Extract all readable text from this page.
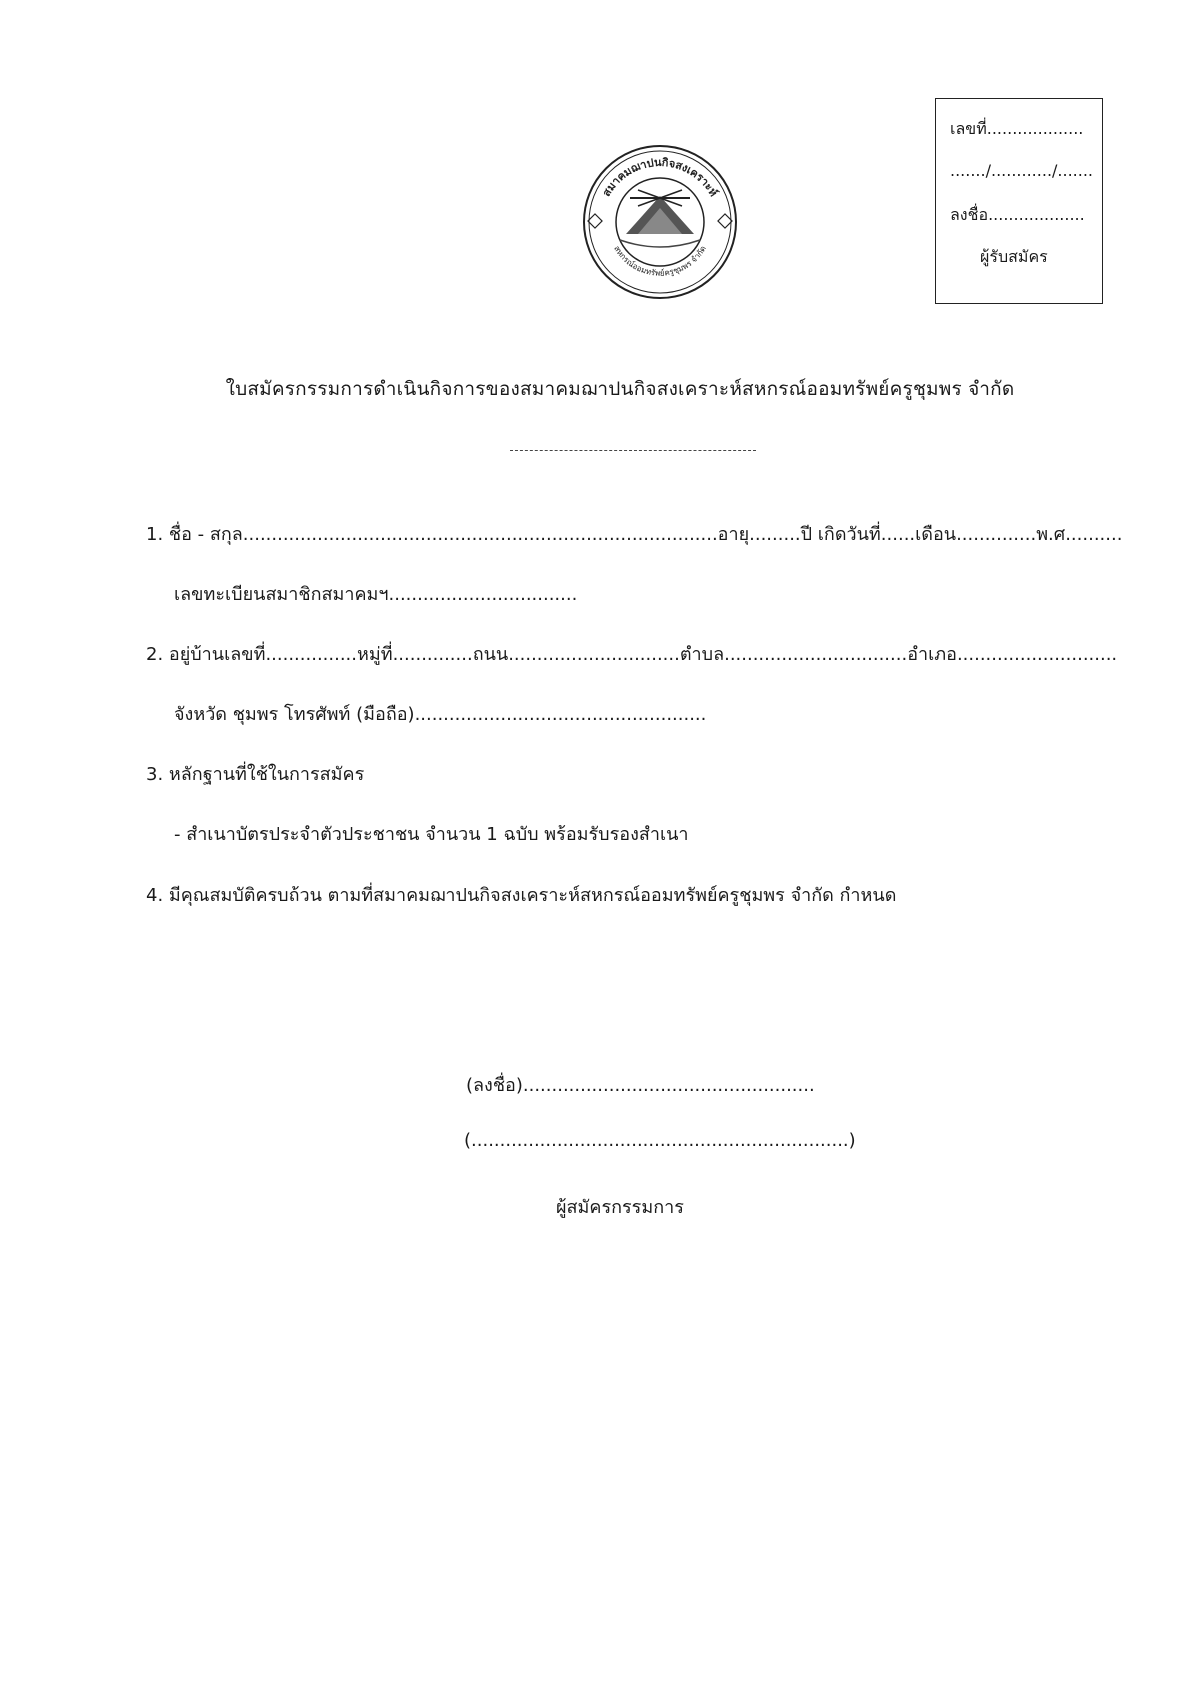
สมาคมฌาปนกิจสงเคราะห์
สหกรณ์ออมทรัพย์ครูชุมพร จำกัด
เลขที่...................
......./............/.......
ลงชื่อ...................
ผู้รับสมัคร
ใบสมัครกรรมการดำเนินกิจการของสมาคมฌาปนกิจสงเคราะห์สหกรณ์ออมทรัพย์ครูชุมพร จำกัด
1. ชื่อ - สกุล...................................................................................อายุ.........ปี เกิดวันที่......เดือน..............พ.ศ..........
เลขทะเบียนสมาชิกสมาคมฯ.................................
2. อยู่บ้านเลขที่................หมู่ที่..............ถนน..............................ตำบล................................อำเภอ............................
จังหวัด ชุมพร โทรศัพท์ (มือถือ)...................................................
3. หลักฐานที่ใช้ในการสมัคร
- สำเนาบัตรประจำตัวประชาชน จำนวน 1 ฉบับ พร้อมรับรองสำเนา
4. มีคุณสมบัติครบถ้วน ตามที่สมาคมฌาปนกิจสงเคราะห์สหกรณ์ออมทรัพย์ครูชุมพร จำกัด กำหนด
(ลงชื่อ)...................................................
(..................................................................)
ผู้สมัครกรรมการ
